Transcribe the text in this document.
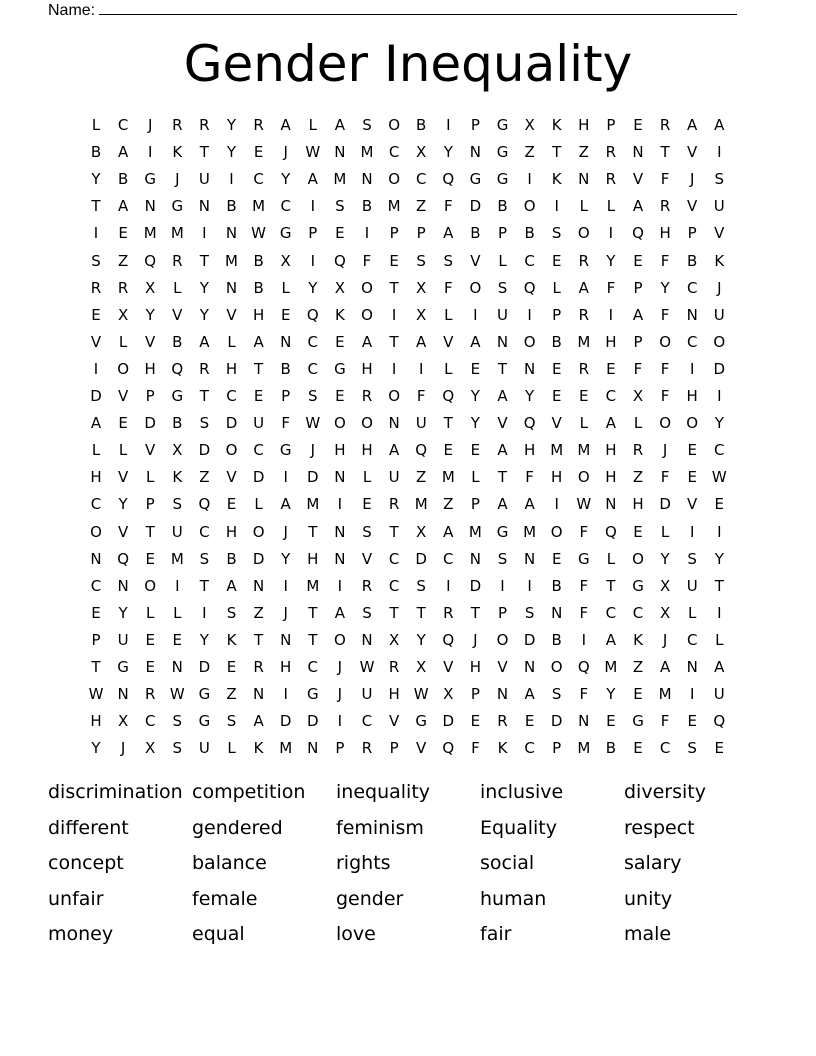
Name:
Gender Inequality
L	C	J	R	R	Y	R	A	L	A	S	O	B	I	P	G	X	K	H	P	E	R	A	A
B	A	I	K	T	Y	E	J	W N M	C	X	Y	N G	Z	T	Z	R	N	T	V	I
Y	B	G	J	U	I	C	Y	A	M N O	C	Q G G	I	K	N	R	V	F	J	S
T	A	N G N	B	M	C	I	S	B	M	Z	F	D	B	O	I	L	L	A	R	V	U
I	E	M M	I	N W G	P	E	I	P	P	A	B	P	B	S	O	I	Q H	P	V
S	Z	Q	R	T	M	B	X	I	Q	F	E	S	S	V	L	C	E	R	Y	E	F	B	K
R	R	X	L	Y	N	B	L	Y	X	O	T	X	F	O	S	Q	L	A	F	P	Y	C	J
E	X	Y	V	Y	V	H	E	Q	K	O	I	X	L	I	U	I	P	R	I	A	F	N	U
V	L	V	B	A	L	A	N	C	E	A	T	A	V	A	N O	B	M H	P	O	C	O
I	O H Q	R	H	T	B	C	G H	I	I	L	E	T	N	E	R	E	F	F	I	D
D	V	P	G	T	C	E	P	S	E	R	O	F	Q	Y	A	Y	E	E	C	X	F	H	I
A	E	D	B	S	D	U	F	W O O N	U	T	Y	V	Q	V	L	A	L	O O	Y
L	L	V	X	D O	C	G	J	H H	A	Q	E	E	A	H M M H	R	J	E	C
H	V	L	K	Z	V	D	I	D N	L	U	Z	M	L	T	F	H O H	Z	F	E W
C	Y	P	S	Q	E	L	A	M	I	E	R	M	Z	P	A	A	I	W N H D	V	E
O	V	T	U	C	H O	J	T	N	S	T	X	A	M G M O	F	Q	E	L	I	I
N Q	E	M	S	B	D	Y	H N	V	C	D	C	N	S	N	E	G	L	O	Y	S	Y
C	N O	I	T	A	N	I	M	I	R	C	S	I	D	I	I	B	F	T	G	X	U	T
E	Y	L	L	I	S	Z	J	T	A	S	T	T	R	T	P	S	N	F	C	C	X	L	I
P	U	E	E	Y	K	T	N	T	O N	X	Y	Q	J	O D	B	I	A	K	J	C	L
T	G	E	N D	E	R	H	C	J	W R	X	V	H	V	N O Q M	Z	A	N	A
W N	R W G	Z	N	I	G	J	U	H W X	P	N	A	S	F	Y	E	M	I	U
H	X	C	S	G	S	A	D D	I	C	V	G D	E	R	E	D N	E	G	F	E	Q
Y	J	X	S	U	L	K	M N	P	R	P	V	Q	F	K	C	P	M	B	E	C	S	E
discrimination competition	inequality	inclusive	diversity
different	gendered	feminism	Equality	respect
concept	balance	rights	social	salary
unfair	female	gender	human	unity
money	equal	love	fair	male
